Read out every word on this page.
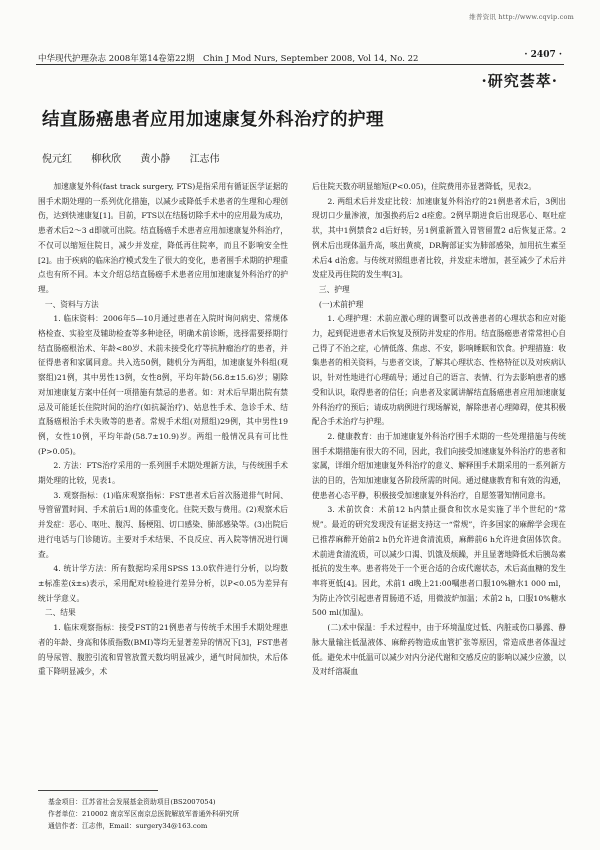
维普资讯 http://www.cqvip.com
中华现代护理杂志 2008年第14卷第22期　Chin J Mod Nurs, September 2008, Vol 14, No. 22	· 2407 ·
·研究荟萃·
结直肠癌患者应用加速康复外科治疗的护理
倪元红 柳秋欣 黄小静 江志伟

加速康复外科(fast track surgery, FTS)是指采用有循证医学证据的围手术期处理的一系列优化措施，以减少或降低手术患者的生理和心理创伤，达到快速康复[1]。目前，FTS以在结肠切除手术中的应用最为成功，患者术后2～3 d即就可出院。结直肠癌手术患者应用加速康复外科治疗，不仅可以缩短住院日，减少并发症，降低再住院率，而且不影响安全性[2]。由于疾病的临床治疗模式发生了很大的变化，患者围手术期的护理重点也有所不同。本文介绍总结直肠癌手术患者应用加速康复外科治疗的护理。

一、资料与方法

1. 临床资料：2006年5—10月通过患者在入院时询问病史、常规体格检查、实验室及辅助检查等多种途径，明确术前诊断，选择需要择期行结直肠癌根治术、年龄<80岁、术前未接受化疗等抗肿瘤治疗的患者，并征得患者和家属同意。共入选50例，随机分为两组，加速康复外科组(观察组)21例，其中男性13例，女性8例，平均年龄(56.8±15.6)岁；剔除对加速康复方案中任何一项措施有禁忌的患者。如：对术后早期出院有禁忌及可能延长住院时间的治疗(如抗凝治疗)、姑息性手术、急诊手术、结直肠癌根治手术失败等的患者。常规手术组(对照组)29例，其中男性19例，女性10例，平均年龄(58.7±10.9)岁。两组一般情况具有可比性(P>0.05)。

2. 方法：FTS治疗采用的一系列围手术期处理新方法，与传统围手术期处理的比较，见表1。

3. 观察指标：(1)临床观察指标：FST患者术后首次肠道排气时间、导管留置时间、手术前后1周的体重变化。住院天数与费用。(2)观察术后并发症：恶心、呕吐、腹泻、肠梗阻、切口感染、肺部感染等。(3)出院后进行电话与门诊随访。主要对手术结果、不良反应、再入院等情况进行调查。

4. 统计学方法：所有数据均采用SPSS 13.0软件进行分析，以均数±标准差(x̄±s)表示，采用配对t检验进行差异分析，以P<0.05为差异有统计学意义。

二、结果

1. 临床观察指标：接受FST的21例患者与传统手术围手术期处理患者的年龄、身高和体质指数(BMI)等均无显著差异的情况下[3]，FST患者的导尿管、腹腔引流和胃管放置天数均明显减少，通气时间加快，术后体重下降明显减少，术

后住院天数亦明显缩短(P<0.05)，住院费用亦显著降低，见表2。

2. 两组术后并发症比较：加速康复外科治疗的21例患者术后，3例出现切口少量渗液，加强换药后2 d痊愈。2例早期进食后出现恶心、呕吐症状，其中1例禁食2 d后好转，另1例重新置入胃管留置2 d后恢复正常。2例术后出现体温升高，咳出黄痰，DR胸部证实为肺部感染，加用抗生素至术后4 d治愈。与传统对照组患者比较，并发症未增加，甚至减少了术后并发症及再住院的发生率[3]。

三、护理

(一)术前护理

1. 心理护理：术前应激心理的调整可以改善患者的心理状态和应对能力，起到促进患者术后恢复及预防并发症的作用。结直肠癌患者常常担心自己得了不治之症，心情低落、焦虑、不安，影响睡眠和饮食。护理措施：收集患者的相关资料，与患者交谈，了解其心理状态、性格特征以及对疾病认识，针对性地进行心理疏导；通过自己的语言、表情、行为去影响患者的感受和认识，取得患者的信任；向患者及家属讲解结直肠癌患者应用加速康复外科治疗的预后；请成功病例进行现场解说，解除患者心理障碍，使其积极配合手术治疗与护理。

2. 健康教育：由于加速康复外科治疗围手术期的一些处理措施与传统围手术期措施有很大的不同，因此，我们向接受加速康复外科治疗的患者和家属，详细介绍加速康复外科治疗的意义、解释围手术期采用的一系列新方法的目的，告知加速康复各阶段所需的时间。通过健康教育和有效的沟通，使患者心态平静，积极接受加速康复外科治疗，自愿签署知情同意书。

3. 术前饮食：术前12 h内禁止摄食和饮水是实施了半个世纪的“常规”。最近的研究发现没有证据支持这一“常规”，许多国家的麻醉学会现在已推荐麻醉开始前2 h仍允许进食清流质，麻醉前6 h允许进食固体饮食。术前进食清流质，可以减少口渴、饥饿及烦躁，并且显著地降低术后胰岛素抵抗的发生率。患者将处于一个更合适的合成代谢状态，术后高血糖的发生率将更低[4]。因此，术前1 d晚上21:00嘱患者口服10%糖水1 000 ml，为防止冷饮引起患者胃肠道不适，用微波炉加温；术前2 h，口服10%糖水500 ml(加温)。

(二)术中保温：手术过程中，由于环境温度过低、内脏或伤口暴露、静脉大量输注低温液体、麻醉药物造成血管扩张等原因，常造成患者体温过低。避免术中低温可以减少对内分泌代谢和交感反应的影响以减少应激，以及对纤溶凝血

基金项目：江苏省社会发展基金资助项目(BS2007054)
作者单位：210002 南京军区南京总医院解放军普通外科研究所
通信作者：江志伟，Email：surgery34@163.com
